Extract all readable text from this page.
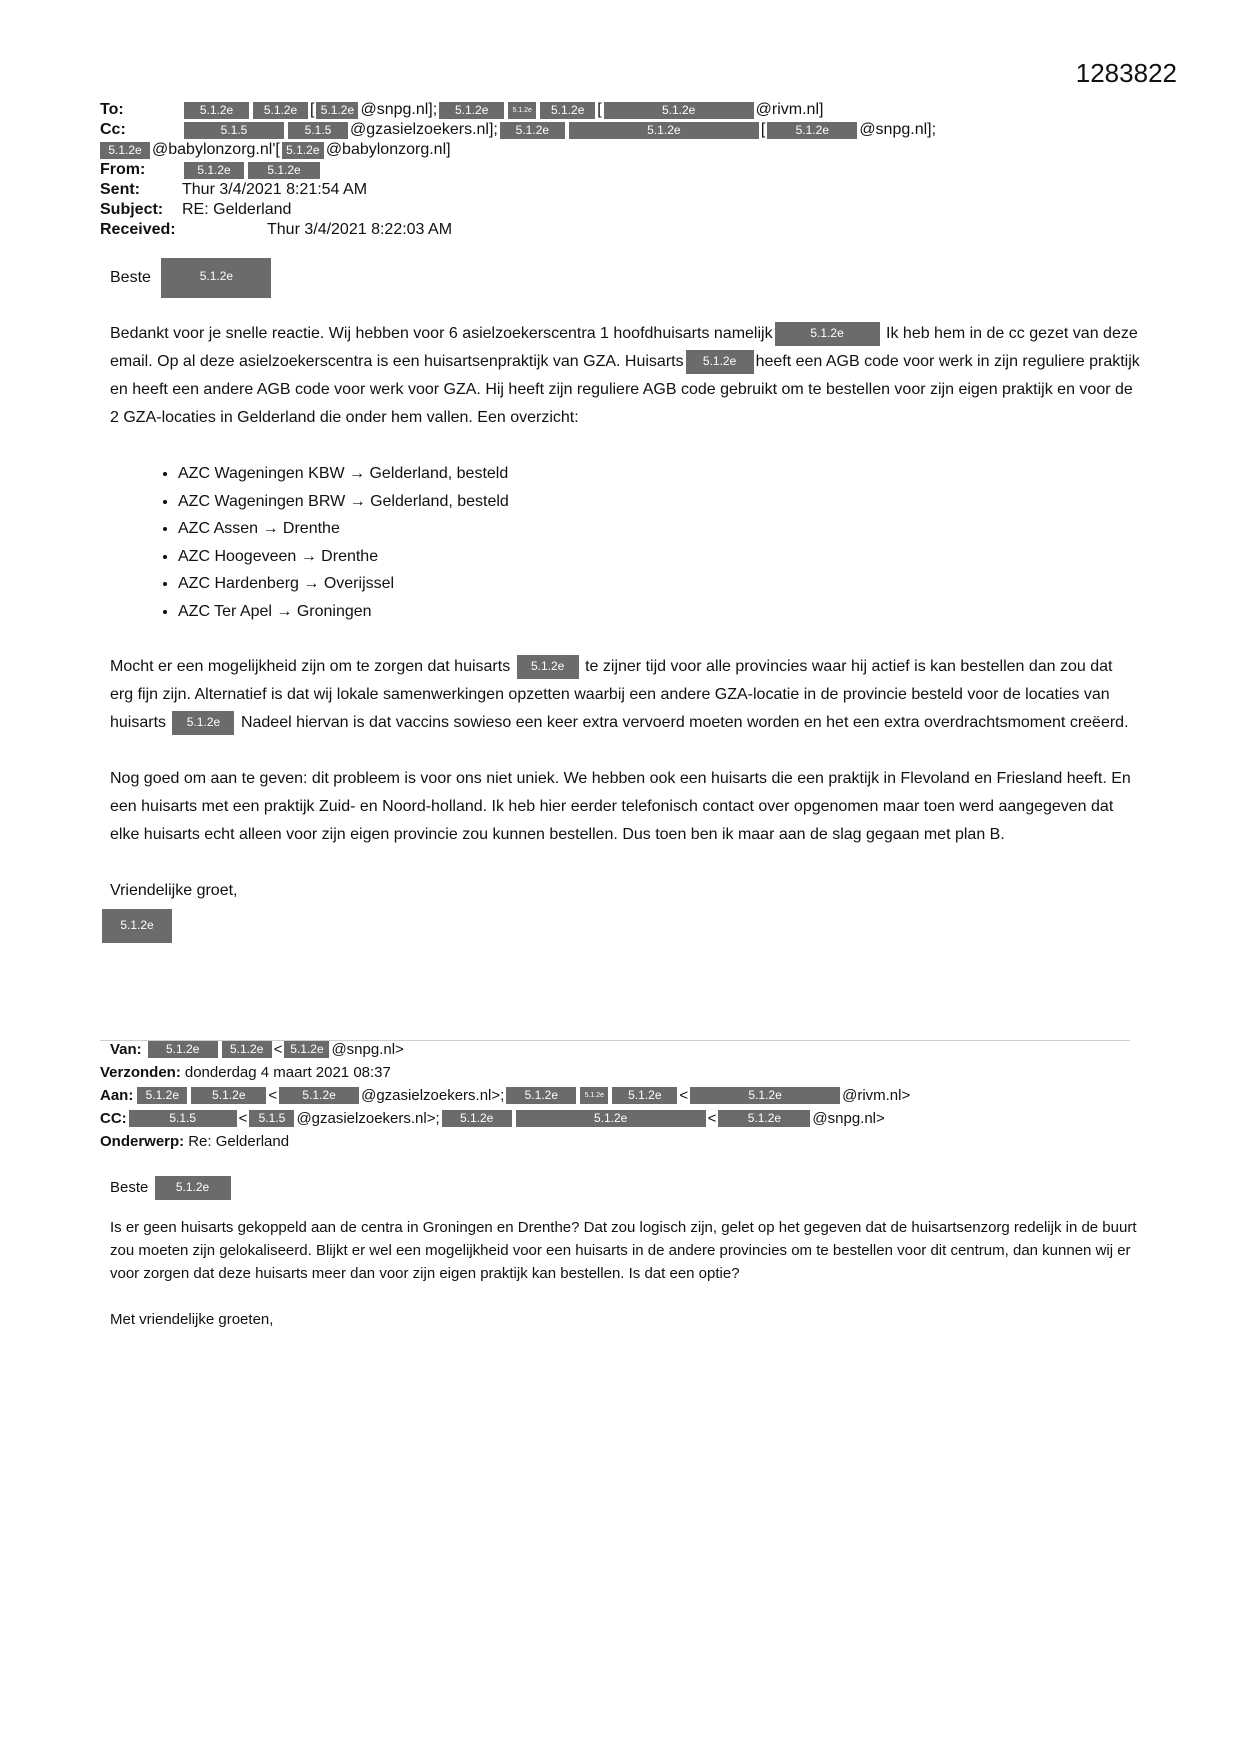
1283822
To:	5.1.2e	5.1.2e [ 5.1.2e @snpg.nl];	5.1.2e	5.1.2e	5.1.2e [	5.1.2e	@rivm.nl]
Cc:	5.1.5	5.1.5	@gzasielzoekers.nl];	5.1.2e	5.1.2e	[	5.1.2e	@snpg.nl];
5.1.2e @babylonzorg.nl'[ 5.1.2e @babylonzorg.nl]
From:	5.1.2e	5.1.2e
Sent:	Thur 3/4/2021 8:21:54 AM
Subject:	RE: Gelderland
Received:	Thur 3/4/2021 8:22:03 AM

Beste	5.1.2e

Bedankt voor je snelle reactie. Wij hebben voor 6 asielzoekerscentra 1 hoofdhuisarts namelijk	5.1.2e Ik heb hem in de cc gezet van deze email. Op al deze asielzoekerscentra is een huisartsenpraktijk van GZA. Huisarts 5.1.2e heeft een AGB code voor werk in zijn reguliere praktijk en heeft een andere AGB code voor werk voor GZA. Hij heeft zijn reguliere AGB code gebruikt om te bestellen voor zijn eigen praktijk en voor de 2 GZA-locaties in Gelderland die onder hem vallen. Een overzicht:

• AZC Wageningen KBW → Gelderland, besteld
• AZC Wageningen BRW → Gelderland, besteld
• AZC Assen → Drenthe
• AZC Hoogeveen → Drenthe
• AZC Hardenberg → Overijssel
• AZC Ter Apel → Groningen

Mocht er een mogelijkheid zijn om te zorgen dat huisarts 5.1.2e te zijner tijd voor alle provincies waar hij actief is kan bestellen dan zou dat erg fijn zijn. Alternatief is dat wij lokale samenwerkingen opzetten waarbij een andere GZA-locatie in de provincie besteld voor de locaties van huisarts 5.1.2e Nadeel hiervan is dat vaccins sowieso een keer extra vervoerd moeten worden en het een extra overdrachtsmoment creëerd.

Nog goed om aan te geven: dit probleem is voor ons niet uniek. We hebben ook een huisarts die een praktijk in Flevoland en Friesland heeft. En een huisarts met een praktijk Zuid- en Noord-holland. Ik heb hier eerder telefonisch contact over opgenomen maar toen werd aangegeven dat elke huisarts echt alleen voor zijn eigen provincie zou kunnen bestellen. Dus toen ben ik maar aan de slag gegaan met plan B.

Vriendelijke groet,

5.1.2e
Van:	5.1.2e	5.1.2e < 5.1.2e @snpg.nl>
Verzonden: donderdag 4 maart 2021 08:37
Aan:	5.1.2e	5.1.2e	<	5.1.2e	@gzasielzoekers.nl>;	5.1.2e	5.1.2e	5.1.2e	<	5.1.2e	@rivm.nl>
CC:	5.1.5	< 5.1.5 @gzasielzoekers.nl>;	5.1.2e	5.1.2e	<	5.1.2e	@snpg.nl>
Onderwerp: Re: Gelderland

Beste 5.1.2e

Is er geen huisarts gekoppeld aan de centra in Groningen en Drenthe? Dat zou logisch zijn, gelet op het gegeven dat de huisartsenzorg redelijk in de buurt zou moeten zijn gelokaliseerd. Blijkt er wel een mogelijkheid voor een huisarts in de andere provincies om te bestellen voor dit centrum, dan kunnen wij er voor zorgen dat deze huisarts meer dan voor zijn eigen praktijk kan bestellen. Is dat een optie?

Met vriendelijke groeten,
